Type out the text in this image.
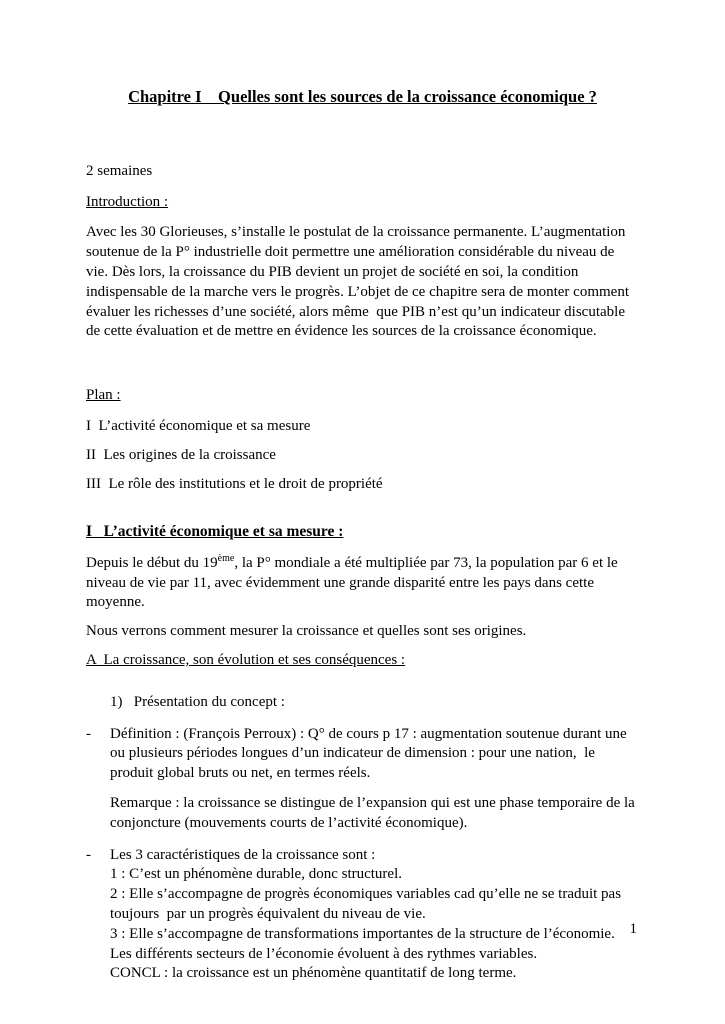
Chapitre I    Quelles sont les sources de la croissance économique ?
2 semaines
Introduction :
Avec les 30 Glorieuses, s’installe le postulat de la croissance permanente. L’augmentation soutenue de la P° industrielle doit permettre une amélioration considérable du niveau de vie. Dès lors, la croissance du PIB devient un projet de société en soi, la condition indispensable de la marche vers le progrès. L’objet de ce chapitre sera de monter comment évaluer les richesses d’une société, alors même  que PIB n’est qu’un indicateur discutable de cette évaluation et de mettre en évidence les sources de la croissance économique.
Plan :
I  L’activité économique et sa mesure
II  Les origines de la croissance
III  Le rôle des institutions et le droit de propriété
I   L’activité économique et sa mesure :
Depuis le début du 19ème, la P° mondiale a été multipliée par 73, la population par 6 et le niveau de vie par 11, avec évidemment une grande disparité entre les pays dans cette moyenne.
Nous verrons comment mesurer la croissance et quelles sont ses origines.
A  La croissance, son évolution et ses conséquences :
1)   Présentation du concept :
-	Définition : (François Perroux) : Q° de cours p 17 : augmentation soutenue durant une ou plusieurs périodes longues d’un indicateur de dimension : pour une nation,  le produit global bruts ou net, en termes réels.
Remarque : la croissance se distingue de l’expansion qui est une phase temporaire de la conjoncture (mouvements courts de l’activité économique).
-	Les 3 caractéristiques de la croissance sont :
1 : C’est un phénomène durable, donc structurel.
2 : Elle s’accompagne de progrès économiques variables cad qu’elle ne se traduit pas toujours  par un progrès équivalent du niveau de vie.
3 : Elle s’accompagne de transformations importantes de la structure de l’économie. Les différents secteurs de l’économie évoluent à des rythmes variables.
CONCL : la croissance est un phénomène quantitatif de long terme.
1
